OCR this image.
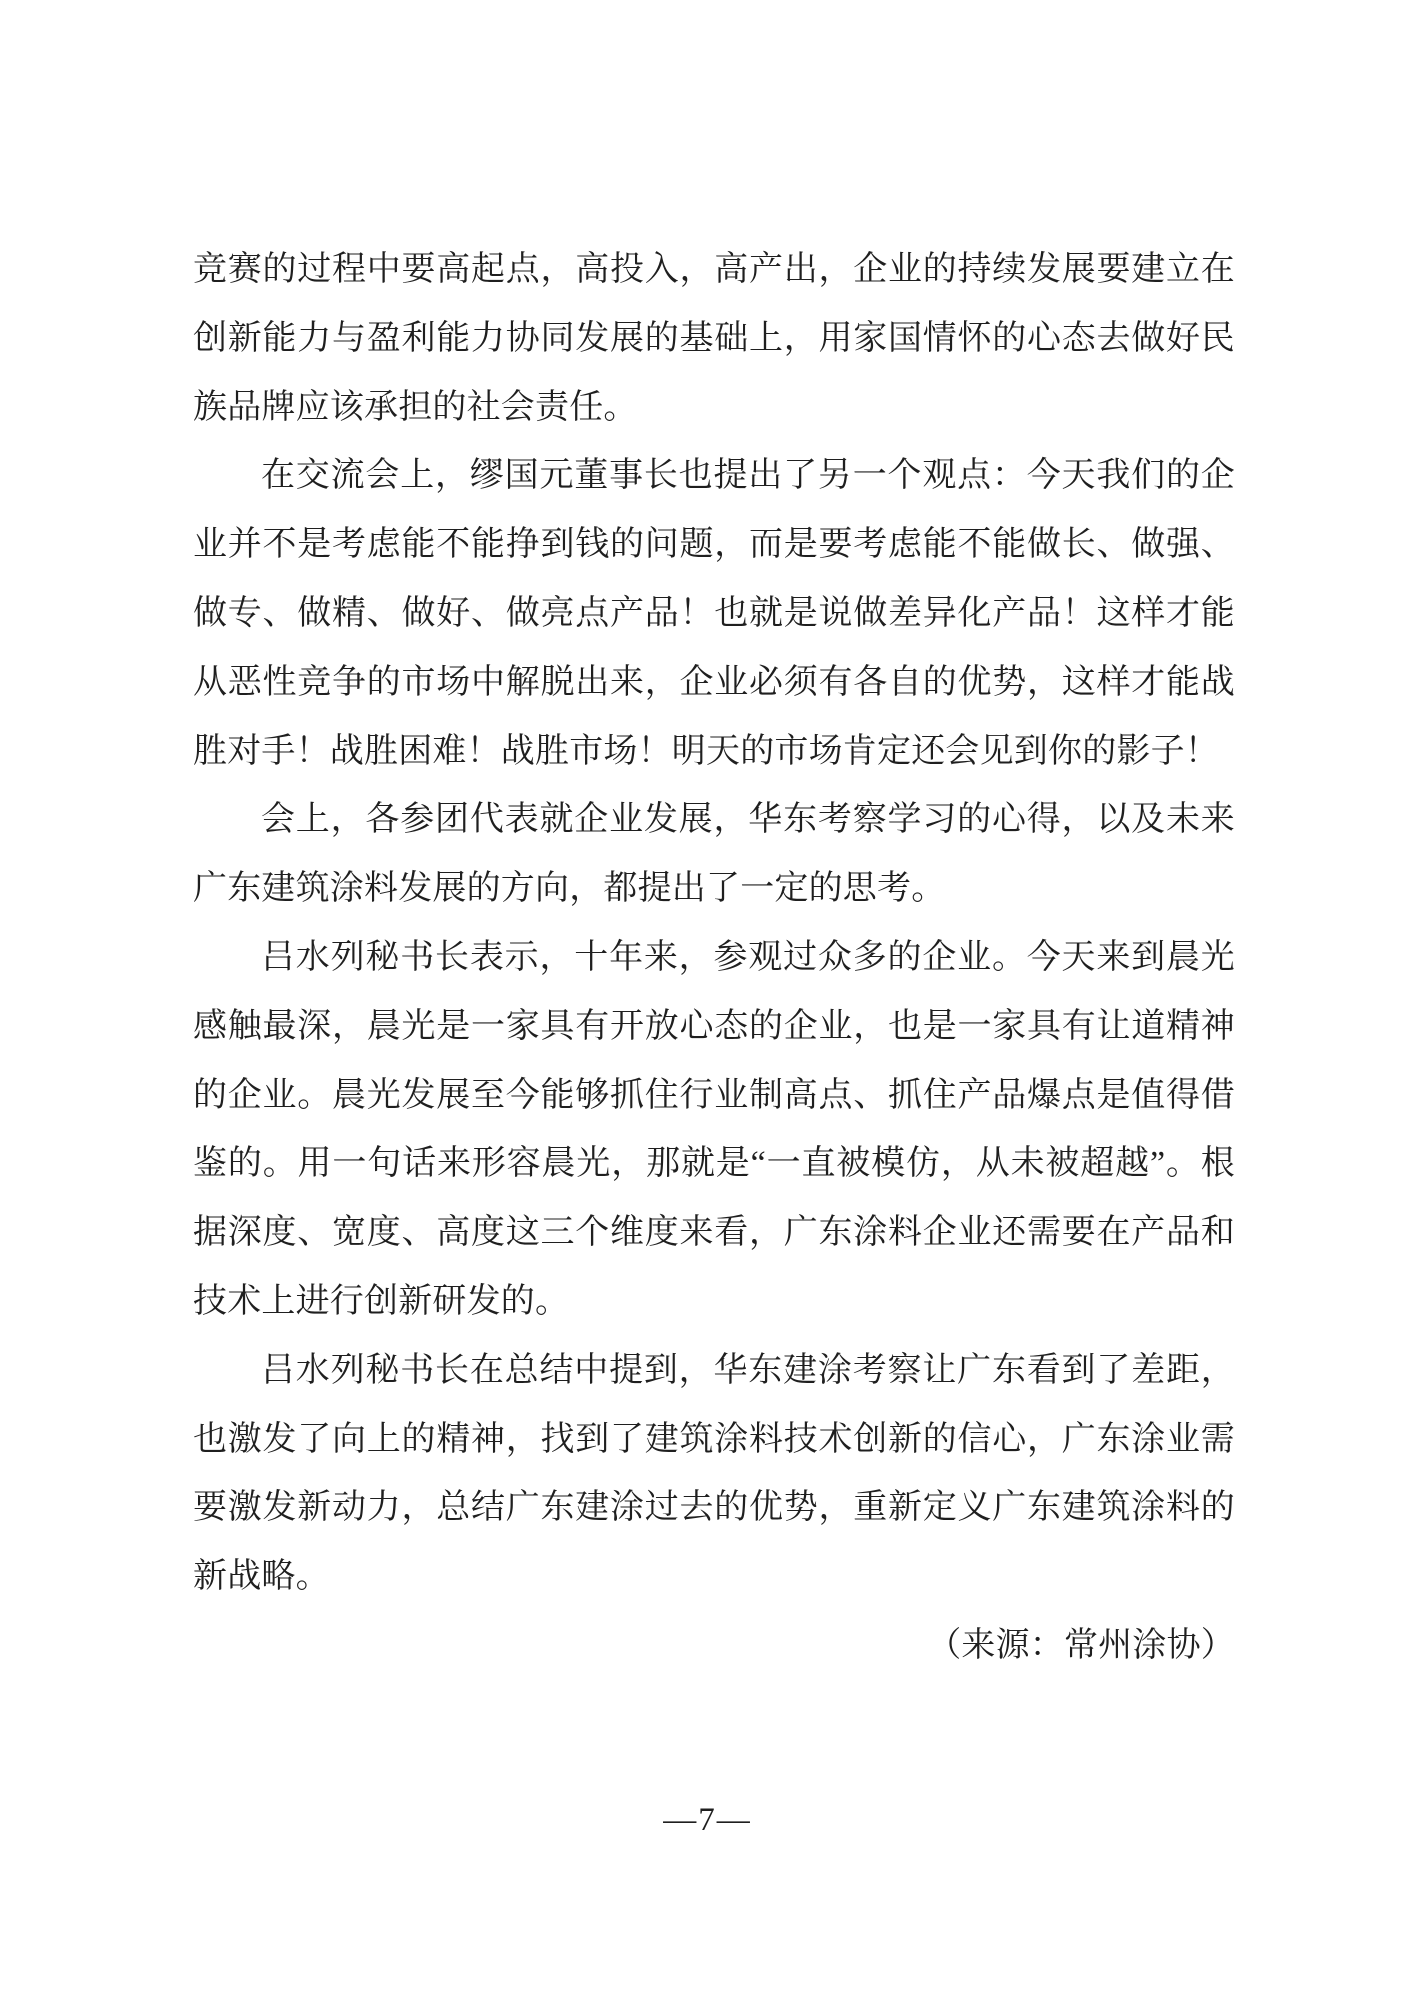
竞赛的过程中要高起点，高投入，高产出，企业的持续发展要建立在创新能力与盈利能力协同发展的基础上，用家国情怀的心态去做好民族品牌应该承担的社会责任。

在交流会上，缪国元董事长也提出了另一个观点：今天我们的企业并不是考虑能不能挣到钱的问题，而是要考虑能不能做长、做强、做专、做精、做好、做亮点产品！也就是说做差异化产品！这样才能从恶性竞争的市场中解脱出来，企业必须有各自的优势，这样才能战胜对手！战胜困难！战胜市场！明天的市场肯定还会见到你的影子！

会上，各参团代表就企业发展，华东考察学习的心得，以及未来广东建筑涂料发展的方向，都提出了一定的思考。

吕水列秘书长表示，十年来，参观过众多的企业。今天来到晨光感触最深，晨光是一家具有开放心态的企业，也是一家具有让道精神的企业。晨光发展至今能够抓住行业制高点、抓住产品爆点是值得借鉴的。用一句话来形容晨光，那就是“一直被模仿，从未被超越”。根据深度、宽度、高度这三个维度来看，广东涂料企业还需要在产品和技术上进行创新研发的。

吕水列秘书长在总结中提到，华东建涂考察让广东看到了差距，也激发了向上的精神，找到了建筑涂料技术创新的信心，广东涂业需要激发新动力，总结广东建涂过去的优势，重新定义广东建筑涂料的新战略。

（来源：常州涂协）

—7—
